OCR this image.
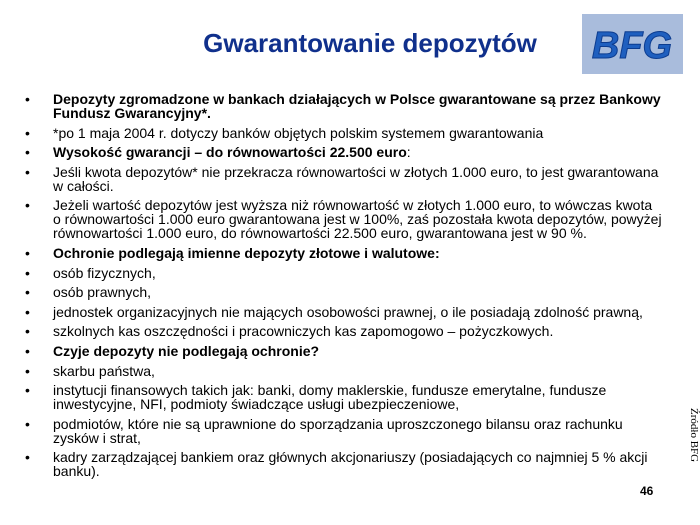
Gwarantowanie depozytów	BFG
• Depozyty zgromadzone w bankach działających w Polsce gwarantowane są przez Bankowy Fundusz Gwarancyjny*.
• *po 1 maja 2004 r. dotyczy banków objętych polskim systemem gwarantowania
• Wysokość gwarancji – do równowartości 22.500 euro:
• Jeśli kwota depozytów* nie przekracza równowartości w złotych 1.000 euro, to jest gwarantowana w całości.
• Jeżeli wartość depozytów jest wyższa niż równowartość w złotych 1.000 euro, to wówczas kwota o równowartości 1.000 euro gwarantowana jest w 100%, zaś pozostała kwota depozytów, powyżej równowartości 1.000 euro, do równowartości 22.500 euro, gwarantowana jest w 90 %.
• Ochronie podlegają imienne depozyty złotowe i walutowe:
• osób fizycznych,
• osób prawnych,
• jednostek organizacyjnych nie mających osobowości prawnej, o ile posiadają zdolność prawną,
• szkolnych kas oszczędności i pracowniczych kas zapomogowo – pożyczkowych.
• Czyje depozyty nie podlegają ochronie?
• skarbu państwa,
• instytucji finansowych takich jak: banki, domy maklerskie, fundusze emerytalne, fundusze inwestycyjne, NFI, podmioty świadczące usługi ubezpieczeniowe,
• podmiotów, które nie są uprawnione do sporządzania uproszczonego bilansu oraz rachunku zysków i strat,
• kadry zarządzającej bankiem oraz głównych akcjonariuszy (posiadających co najmniej 5 % akcji banku).
Źródło BFG
46
